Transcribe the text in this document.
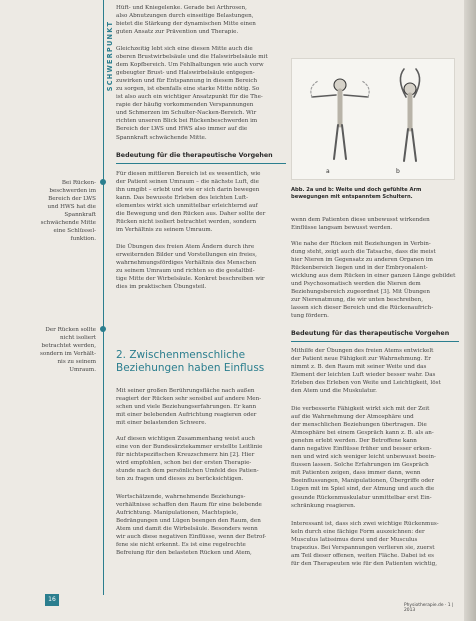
SCHWERPUNKT

Bei Rücken-

beschwerden im

Bereich der LWS

und HWS hat die

Spannkraft

schwächende Mitte

eine Schlüssel-

funktion.

Der Rücken sollte

nicht isoliert

betrachtet werden,

sondern im Verhält-

nis zu seinem

Umraum.

Hüft- und Kniegelenke. Gerade bei Arthrosen,

also Abnutzungen durch einseitige Belastungen,

bietet die Stärkung der dynamischen Mitte einen

guten Ansatz zur Prävention und Therapie.

Gleichzeitig lebt sich eine diesen Mitte auch die

oberen Brustwirbelsäule und die Halswirbelsäule mit

dem Kopfbereich. Um Fehlhaltungen wie auch vorw

gebeugter Brust- und Halswirbelsäule entgegen-

zuwirken und für Entspannung in diesem Bereich

zu sorgen, ist ebenfalls eine starke Mitte nötig. So

ist also auch ein wichtiger Ansatzpunkt für die The-

rapie der häufig vorkommenden Verspannungen

und Schmerzen im Schulter-Nacken-Bereich. Wir

richten unseren Blick bei Rückenbeschwerden im

Bereich der LWS und HWS also immer auf die

Spannkraft schwächende Mitte.

Bedeutung für die therapeutische Vorgehen

Für diesen mittleren Bereich ist es wesentlich, wie

der Patient seinen Umraum – die nächste Luft, die

ihn umgibt – erlebt und wie er sich darin bewegen

kann. Das bewusste Erleben des leichten Luft-

elementes wirkt sich unmittelbar erleichternd auf

die Bewegung und den Rücken aus. Daher sollte der

Rücken nicht isoliert betrachtet werden, sondern

im Verhältnis zu seinem Umraum.

Die Übungen des freien Atem Ändern durch ihre

erweiternden Bilder und Vorstellungen ein freies,

wahrnehmungsfördiges Verhältnis des Menschen

zu seinem Umraum und richten so die gestaltbil-

tige Mitte der Wirbelsäule. Konkret beschreiben wir

dies im praktischen Übungsteil.

2. Zwischenmenschliche
Beziehungen haben Einfluss

Mit seiner großen Berührungsfläche nach außen

reagiert der Rücken sehr sensibel auf andere Men-

schen und viele Beziehungserfahrungen. Er kann

mit einer belebenden Aufrichtung reagieren oder

mit einer belastenden Schwere.

Auf diesen wichtigen Zusammenhang weist auch

eine von der Bundesärztekammer erstellte Leitlinie

für nichtspezifischen Kreuzschmerz hin [2]. Hier

wird empfohlen, schon bei der ersten Therapie-

stunde nach dem persönlichen Umfeld des Patien-

ten zu fragen und dieses zu berücksichtigen.

Wertschätzende, wahrnehmende Beziehungs-

verhältnisse schaffen den Raum für eine belebende

Aufrichtung. Manipulationen, Machtspiele,

Bedrängungen und Lügen beengen den Raum, den

Atem und damit die Wirbelsäule. Besonders wenn

wir auch diese negativen Einflüsse, wenn der Betrof-

fene sie nicht erkennt. Es ist eine regelrechte

Befreiung für den belasteten Rücken und Atem,

a	b
Abb. 2a und b: Weite und doch gefühlte Arm
bewegungen mit entspanntem Schultern.

wenn dem Patienten diese unbewusst wirkenden

Einflüsse langsam bewusst werden.

Wie nahe der Rücken mit Beziehungen in Verbin-

dung steht, zeigt auch die Tatsache, dass die meist

hier Nieren im Gegensatz zu anderen Organen im

Rückenbereich liegen und in der Embryonalent-

wicklung aus dem Rücken in einer ganzen Länge gebildet

und Psychosomatisch werden die Nieren dem

Beziehungsbereich zugeordnet [3]. Mit Übungen

zur Nierenatmung, die wir unten beschreiben,

lassen sich dieser Bereich und die Rückenaufrich-

tung fördern.

Bedeutung für das therapeutische Vorgehen

Mithilfe der Übungen des freien Atems entwickelt

der Patient neue Fähigkeit zur Wahrnehmung. Er

nimmt z. B. den Raum mit seiner Weite und das

Element der leichten Luft wieder besser wahr. Das

Erleben des Erleben von Weite und Leichtigkeit, löst

den Atem und die Muskulatur.

Die verbesserte Fähigkeit wirkt sich mit der Zeit

auf die Wahrnehmung der Atmosphäre und

der menschlichen Beziehungen übertragen. Die

Atmosphäre bei einem Gespräch kann z. B. als an-

genehm erlebt werden. Der Betroffene kann

dann negative Einflüsse früher und besser erken-

nen und wird sich weniger leicht unbewusst beein-

flussen lassen. Solche Erfahrungen im Gespräch

mit Patienten zeigen, dass immer dann, wenn

Beeinflussungen, Manipulationen, Übergriffe oder

Lügen mit im Spiel sind, der Atmung und auch die

gesunde Rückenmuskulatur unmittelbar erst Ein-

schränkung reagieren.

Interessant ist, dass sich zwei wichtige Rückenmus-

keln durch eine fächige Form auszeichnen: der

Musculus latissimus dorsi und der Musculus

trapezius. Bei Verspannungen verlieren sie, zuerst

am Teil dieser offenen, weiten Fläche. Dabei ist es

für den Therapeuten wie für den Patienten wichtig,

16
Physiotherapie.de · 1 | 2013
